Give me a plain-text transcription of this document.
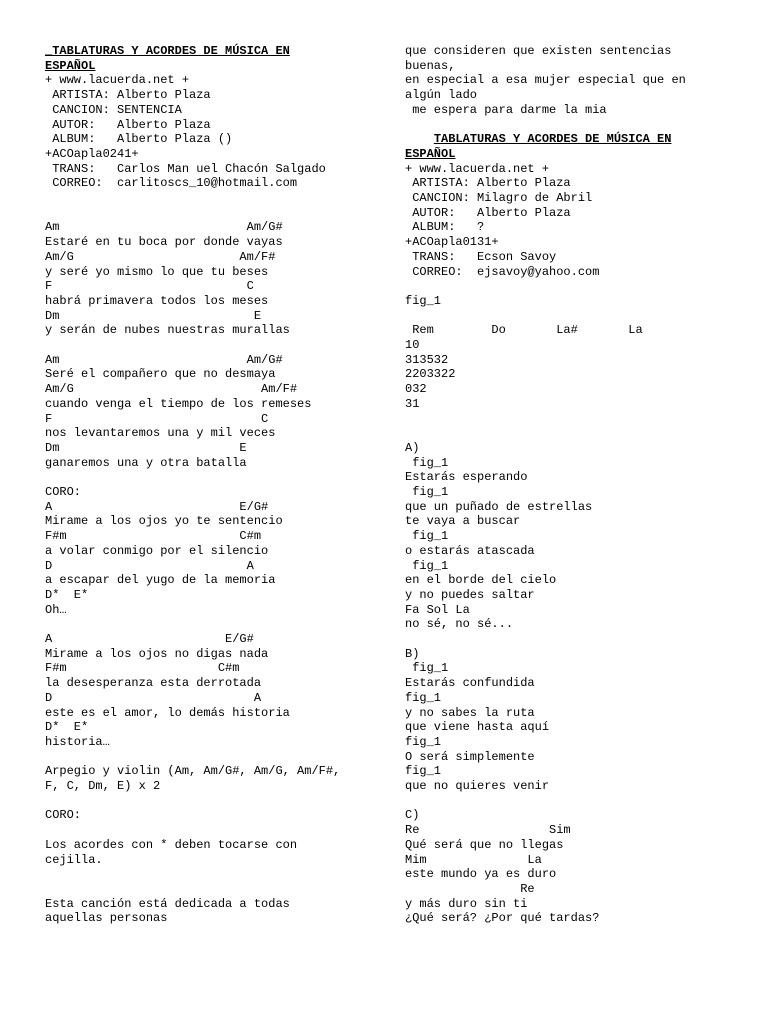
_TABLATURAS Y ACORDES DE MÚSICA EN
ESPAÑOL
+ www.lacuerda.net +
ARTISTA: Alberto Plaza
CANCION: SENTENCIA
AUTOR:   Alberto Plaza
ALBUM:   Alberto Plaza ()
+ACOapla0241+
TRANS:   Carlos Man uel Chacón Salgado
CORREO:  carlitoscs_10@hotmail.com
Am                          Am/G#
Estaré en tu boca por donde vayas
Am/G                       Am/F#
y seré yo mismo lo que tu beses
F                           C
habrá primavera todos los meses
Dm                           E
y serán de nubes nuestras murallas
Am                          Am/G#
Seré el compañero que no desmaya
Am/G                          Am/F#
cuando venga el tiempo de los remeses
F                             C
nos levantaremos una y mil veces
Dm                         E
ganaremos una y otra batalla
CORO:
A                          E/G#
Mirame a los ojos yo te sentencio
F#m                        C#m
a volar conmigo por el silencio
D                           A
a escapar del yugo de la memoria
D*  E*
Oh…
A                        E/G#
Mirame a los ojos no digas nada
F#m                     C#m
la desesperanza esta derrotada
D                            A
este es el amor, lo demás historia
D*  E*
historia…
Arpegio y violin (Am, Am/G#, Am/G, Am/F#,
F, C, Dm, E) x 2
CORO:
Los acordes con * deben tocarse con
cejilla.
Esta canción está dedicada a todas
aquellas personas
que consideren que existen sentencias
buenas,
en especial a esa mujer especial que en
algún lado
me espera para darme la mia
TABLATURAS Y ACORDES DE MÚSICA EN
ESPAÑOL
+ www.lacuerda.net +
ARTISTA: Alberto Plaza
CANCION: Milagro de Abril
AUTOR:   Alberto Plaza
ALBUM:   ?
+ACOapla0131+
TRANS:   Ecson Savoy
CORREO:  ejsavoy@yahoo.com
fig_1
Rem        Do       La#       La
10
313532
2203322
032
31
A)
fig_1
Estarás esperando
fig_1
que un puñado de estrellas
te vaya a buscar
fig_1
o estarás atascada
fig_1
en el borde del cielo
y no puedes saltar
Fa Sol La
no sé, no sé...
B)
fig_1
Estarás confundida
fig_1
y no sabes la ruta
que viene hasta aquí
fig_1
O será simplemente
fig_1
que no quieres venir
C)
Re                  Sim
Qué será que no llegas
Mim              La
este mundo ya es duro
Re
y más duro sin ti
¿Qué será? ¿Por qué tardas?
